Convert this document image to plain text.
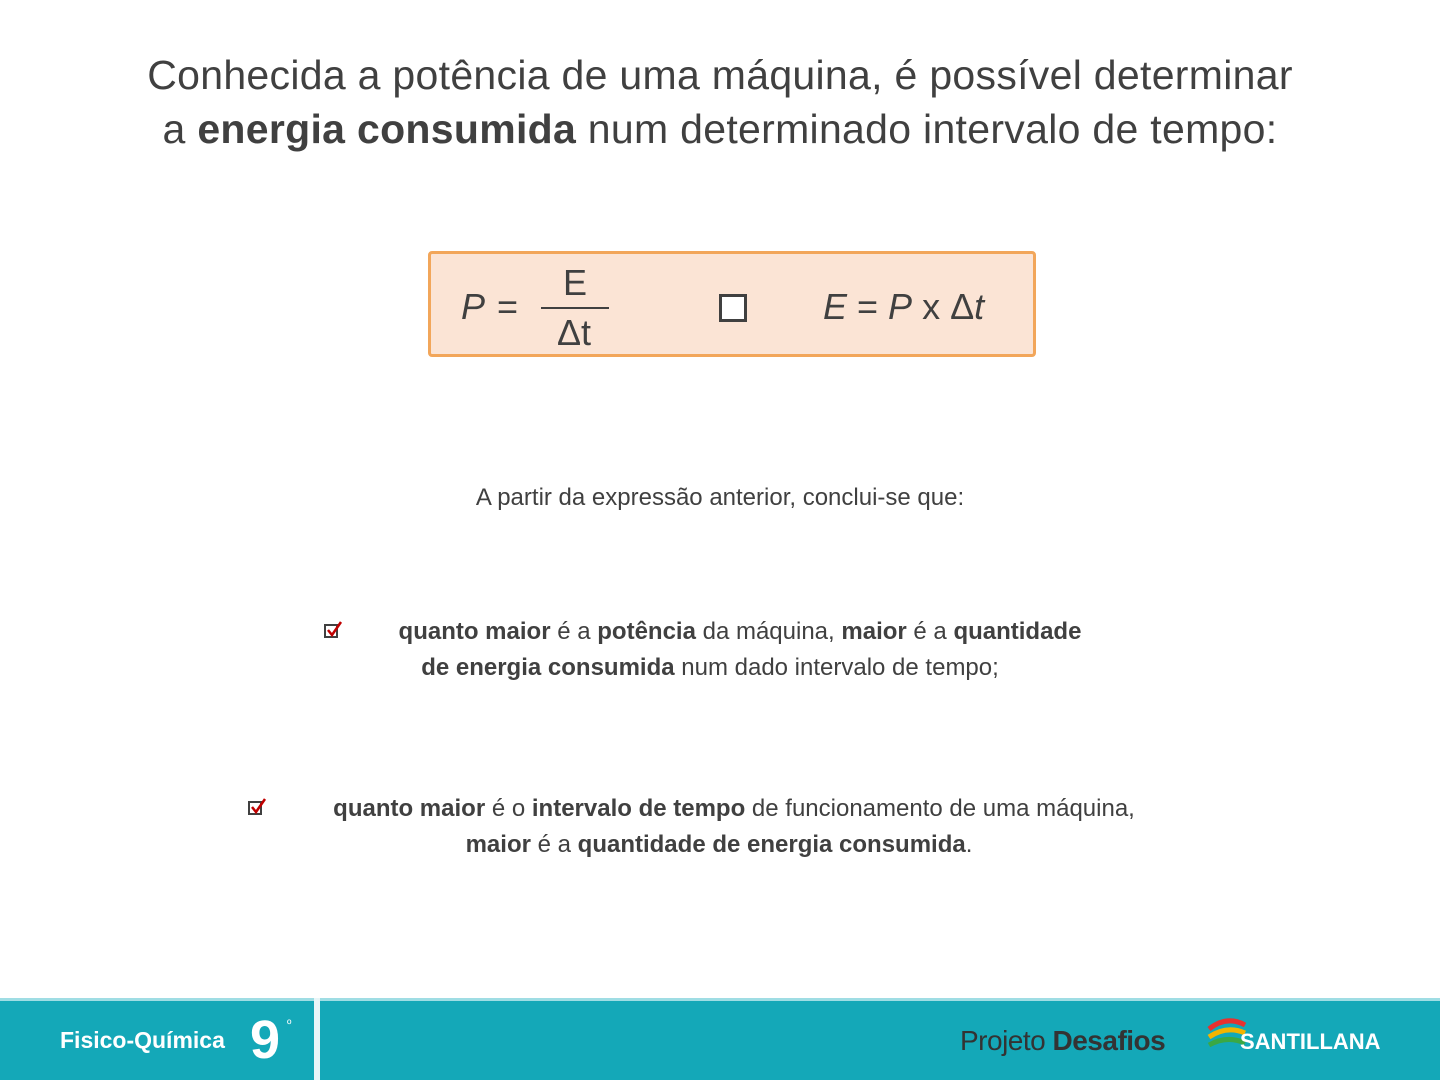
Conhecida a potência de uma máquina, é possível determinar
a energia consumida num determinado intervalo de tempo:
P =
E
Δt
E = P x Δt
A partir da expressão anterior, conclui-se que:
quanto maior é a potência da máquina, maior é a quantidade
de energia consumida num dado intervalo de tempo;
quanto maior é o intervalo de tempo de funcionamento de uma máquina,
maior é a quantidade de energia consumida.
Fisico-Química 9 º
Projeto Desafios	SANTILLANA
